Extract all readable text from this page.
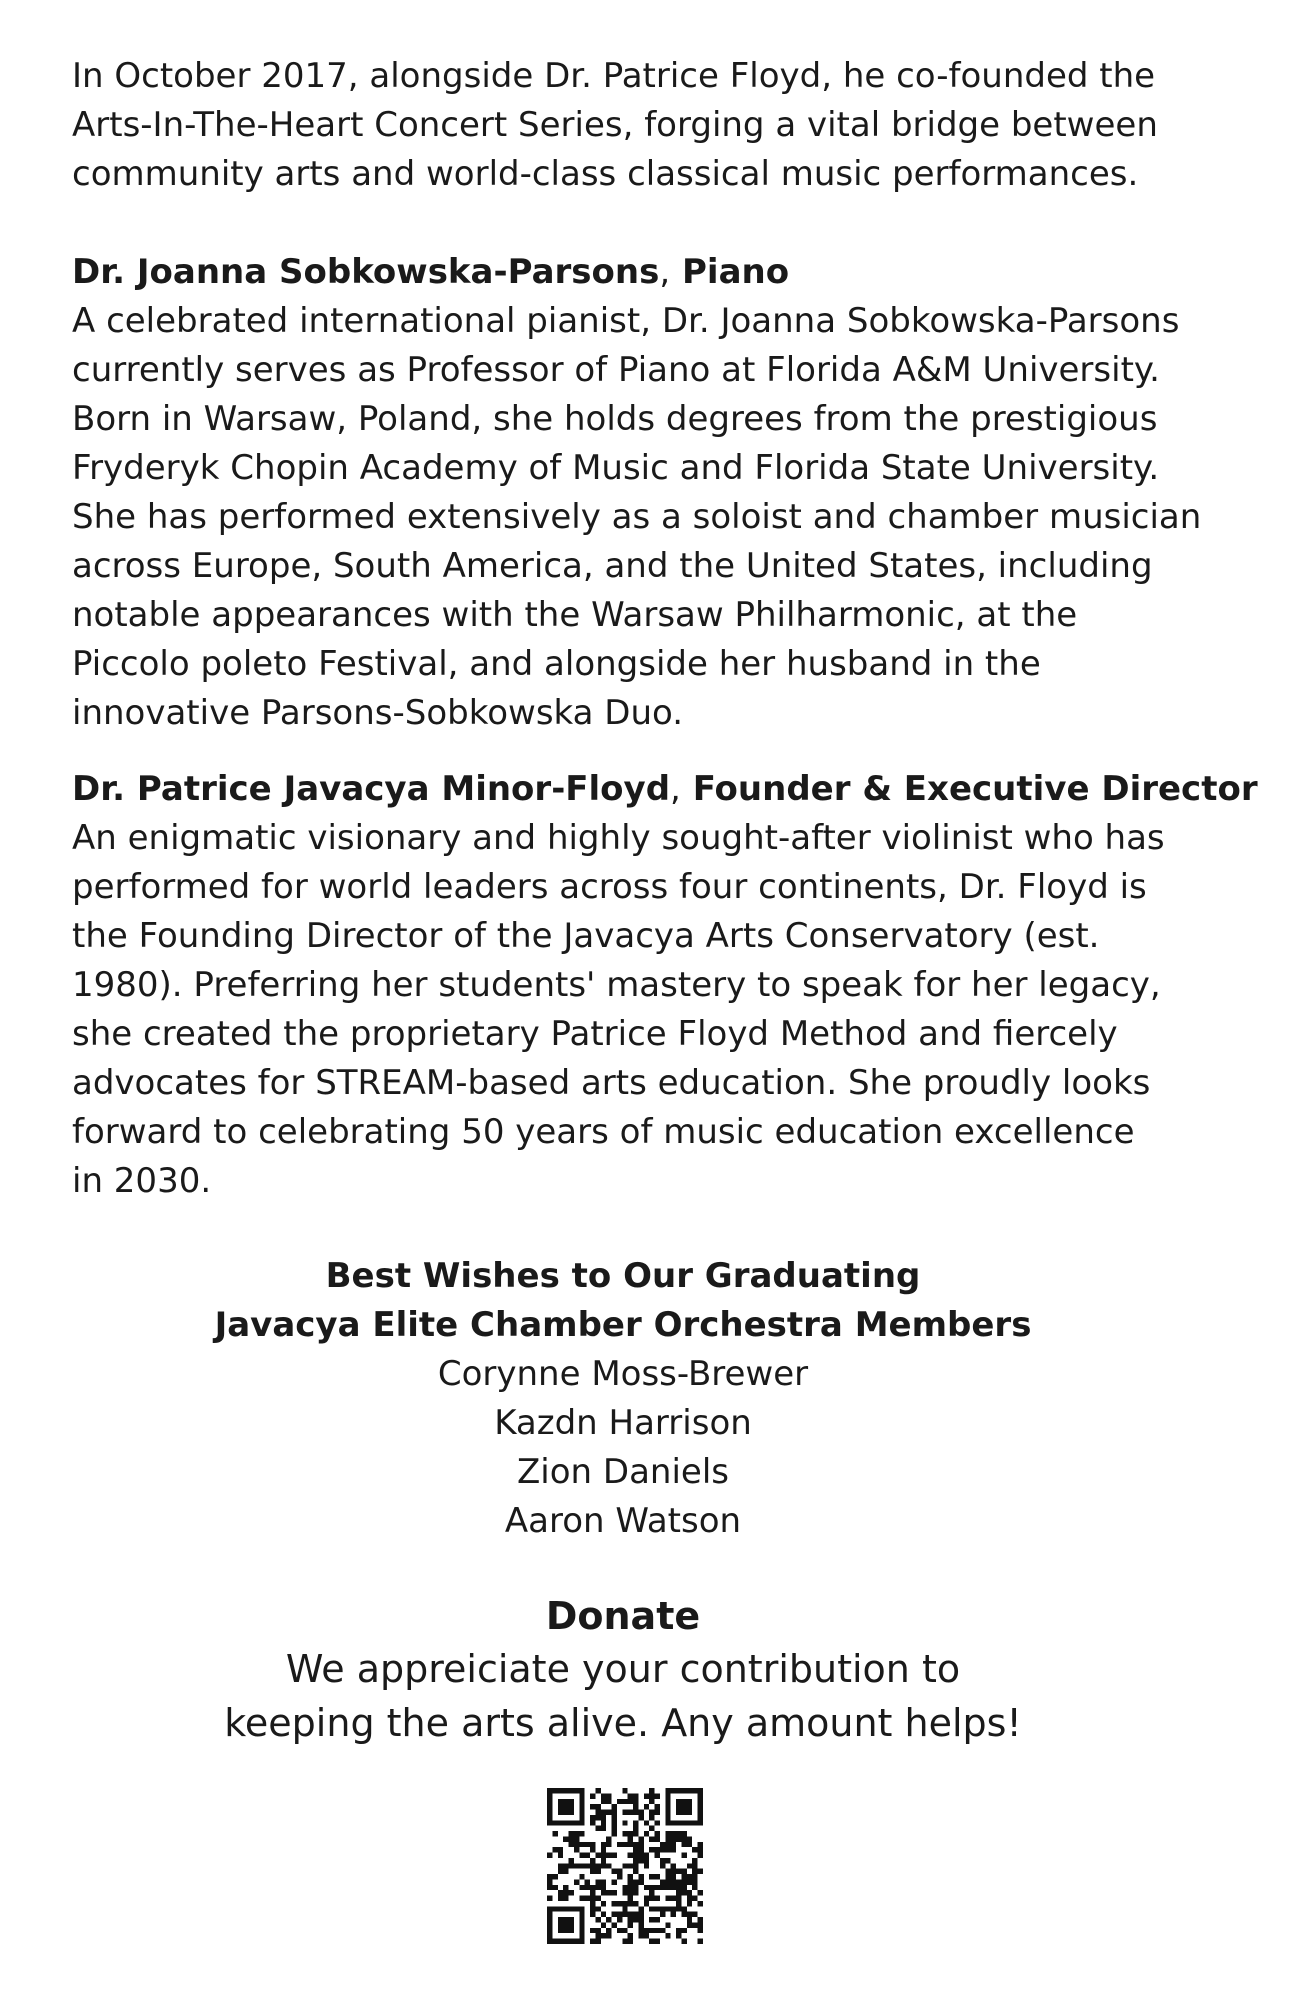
In October 2017, alongside Dr. Patrice Floyd, he co-founded the
Arts-In-The-Heart Concert Series, forging a vital bridge between
community arts and world-class classical music performances.

Dr. Joanna Sobkowska-Parsons, Piano
A celebrated international pianist, Dr. Joanna Sobkowska-Parsons
currently serves as Professor of Piano at Florida A&M University.
Born in Warsaw, Poland, she holds degrees from the prestigious
Fryderyk Chopin Academy of Music and Florida State University.
She has performed extensively as a soloist and chamber musician
across Europe, South America, and the United States, including
notable appearances with the Warsaw Philharmonic, at the
Piccolo poleto Festival, and alongside her husband in the
innovative Parsons-Sobkowska Duo.

Dr. Patrice Javacya Minor-Floyd, Founder & Executive Director
An enigmatic visionary and highly sought-after violinist who has
performed for world leaders across four continents, Dr. Floyd is
the Founding Director of the Javacya Arts Conservatory (est.
1980). Preferring her students' mastery to speak for her legacy,
she created the proprietary Patrice Floyd Method and fiercely
advocates for STREAM-based arts education. She proudly looks
forward to celebrating 50 years of music education excellence
in 2030.

Best Wishes to Our Graduating
Javacya Elite Chamber Orchestra Members
Corynne Moss-Brewer
Kazdn Harrison
Zion Daniels
Aaron Watson
Donate
We appreiciate your contribution to
keeping the arts alive. Any amount helps!
